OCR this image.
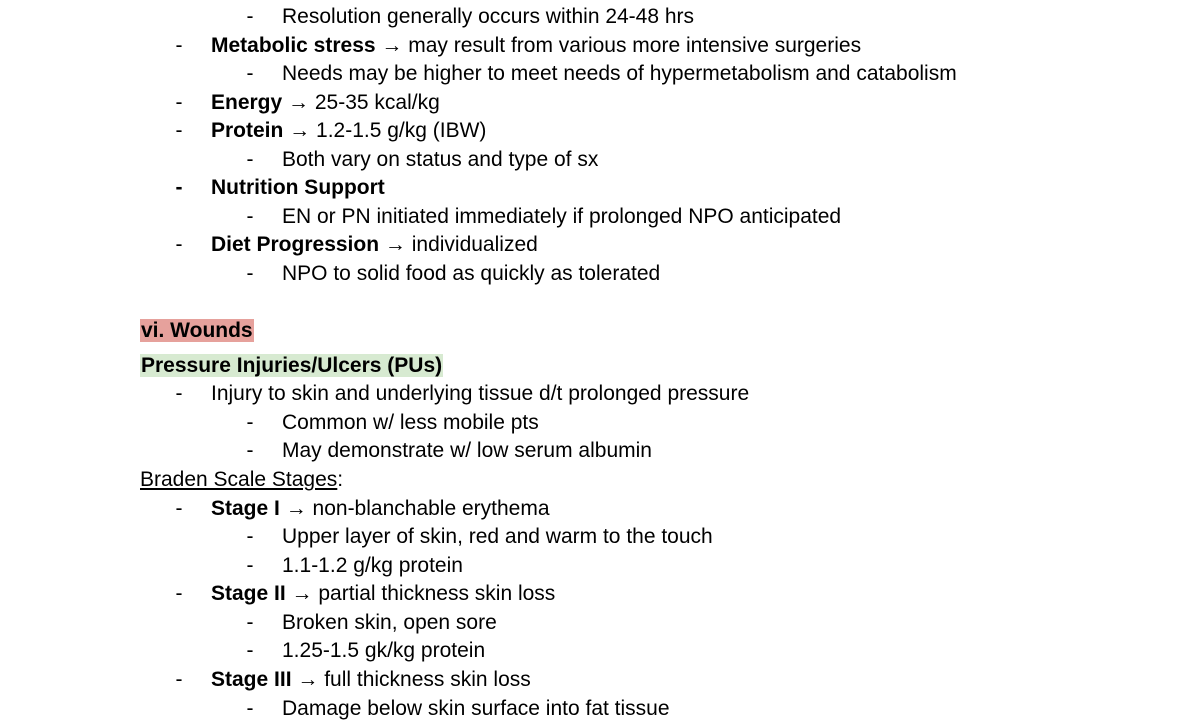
- Resolution generally occurs within 24-48 hrs
- Metabolic stress → may result from various more intensive surgeries
- Needs may be higher to meet needs of hypermetabolism and catabolism
- Energy → 25-35 kcal/kg
- Protein → 1.2-1.5 g/kg (IBW)
- Both vary on status and type of sx
- Nutrition Support
- EN or PN initiated immediately if prolonged NPO anticipated
- Diet Progression → individualized
- NPO to solid food as quickly as tolerated
vi. Wounds
Pressure Injuries/Ulcers (PUs)
- Injury to skin and underlying tissue d/t prolonged pressure
- Common w/ less mobile pts
- May demonstrate w/ low serum albumin
Braden Scale Stages:
- Stage I → non-blanchable erythema
- Upper layer of skin, red and warm to the touch
- 1.1-1.2 g/kg protein
- Stage II → partial thickness skin loss
- Broken skin, open sore
- 1.25-1.5 gk/kg protein
- Stage III → full thickness skin loss
- Damage below skin surface into fat tissue
